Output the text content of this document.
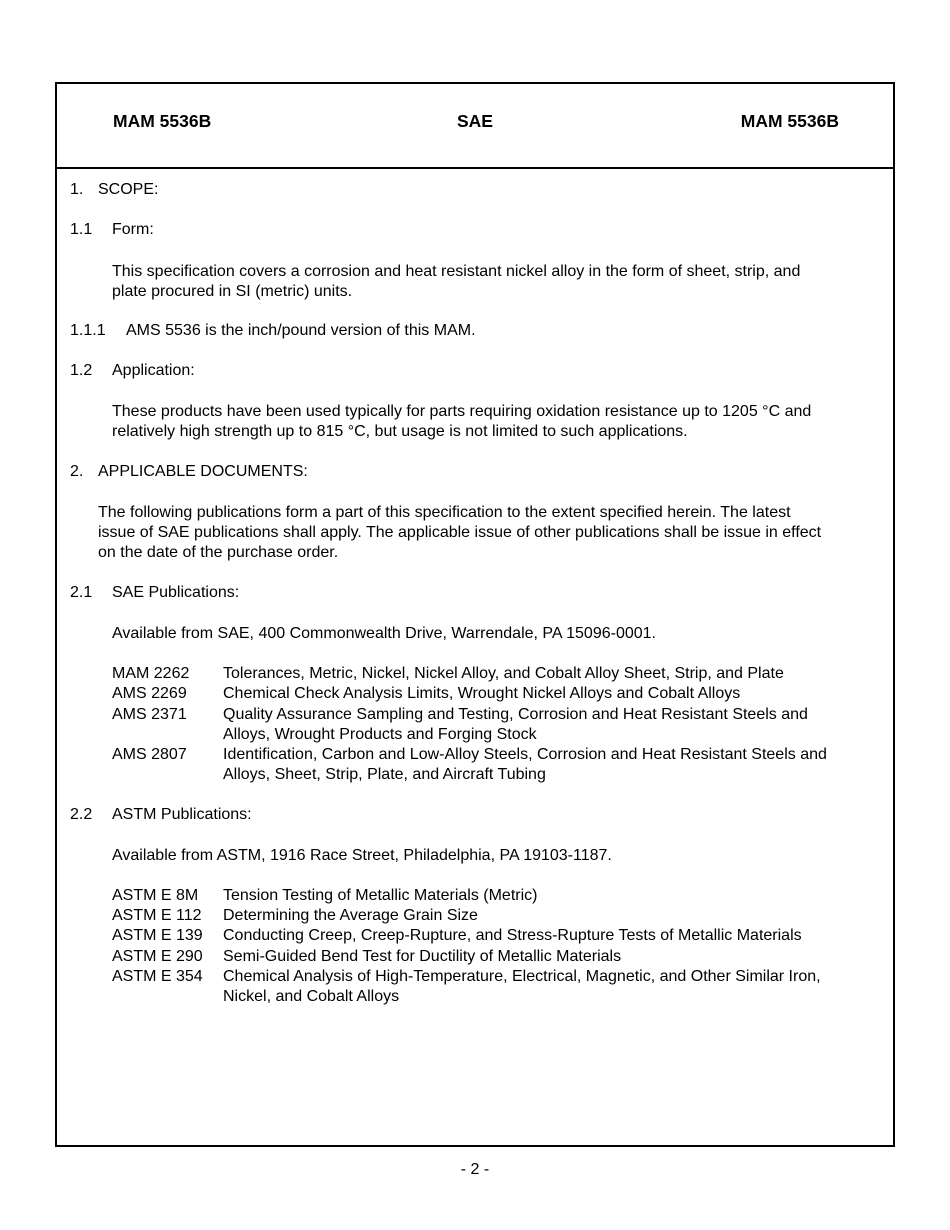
MAM 5536B	SAE	MAM 5536B
1. SCOPE:
1.1 Form:
This specification covers a corrosion and heat resistant nickel alloy in the form of sheet, strip, and
plate procured in SI (metric) units.
1.1.1 AMS 5536 is the inch/pound version of this MAM.
1.2 Application:
These products have been used typically for parts requiring oxidation resistance up to 1205 °C and
relatively high strength up to 815 °C, but usage is not limited to such applications.
2. APPLICABLE DOCUMENTS:
The following publications form a part of this specification to the extent specified herein. The latest
issue of SAE publications shall apply. The applicable issue of other publications shall be issue in effect
on the date of the purchase order.
2.1 SAE Publications:
Available from SAE, 400 Commonwealth Drive, Warrendale, PA 15096-0001.
MAM 2262 Tolerances, Metric, Nickel, Nickel Alloy, and Cobalt Alloy Sheet, Strip, and Plate
AMS 2269 Chemical Check Analysis Limits, Wrought Nickel Alloys and Cobalt Alloys
AMS 2371 Quality Assurance Sampling and Testing, Corrosion and Heat Resistant Steels and
Alloys, Wrought Products and Forging Stock
AMS 2807 Identification, Carbon and Low-Alloy Steels, Corrosion and Heat Resistant Steels and
Alloys, Sheet, Strip, Plate, and Aircraft Tubing
2.2 ASTM Publications:
Available from ASTM, 1916 Race Street, Philadelphia, PA 19103-1187.
ASTM E 8M Tension Testing of Metallic Materials (Metric)
ASTM E 112 Determining the Average Grain Size
ASTM E 139 Conducting Creep, Creep-Rupture, and Stress-Rupture Tests of Metallic Materials
ASTM E 290 Semi-Guided Bend Test for Ductility of Metallic Materials
ASTM E 354 Chemical Analysis of High-Temperature, Electrical, Magnetic, and Other Similar Iron,
Nickel, and Cobalt Alloys
- 2 -
